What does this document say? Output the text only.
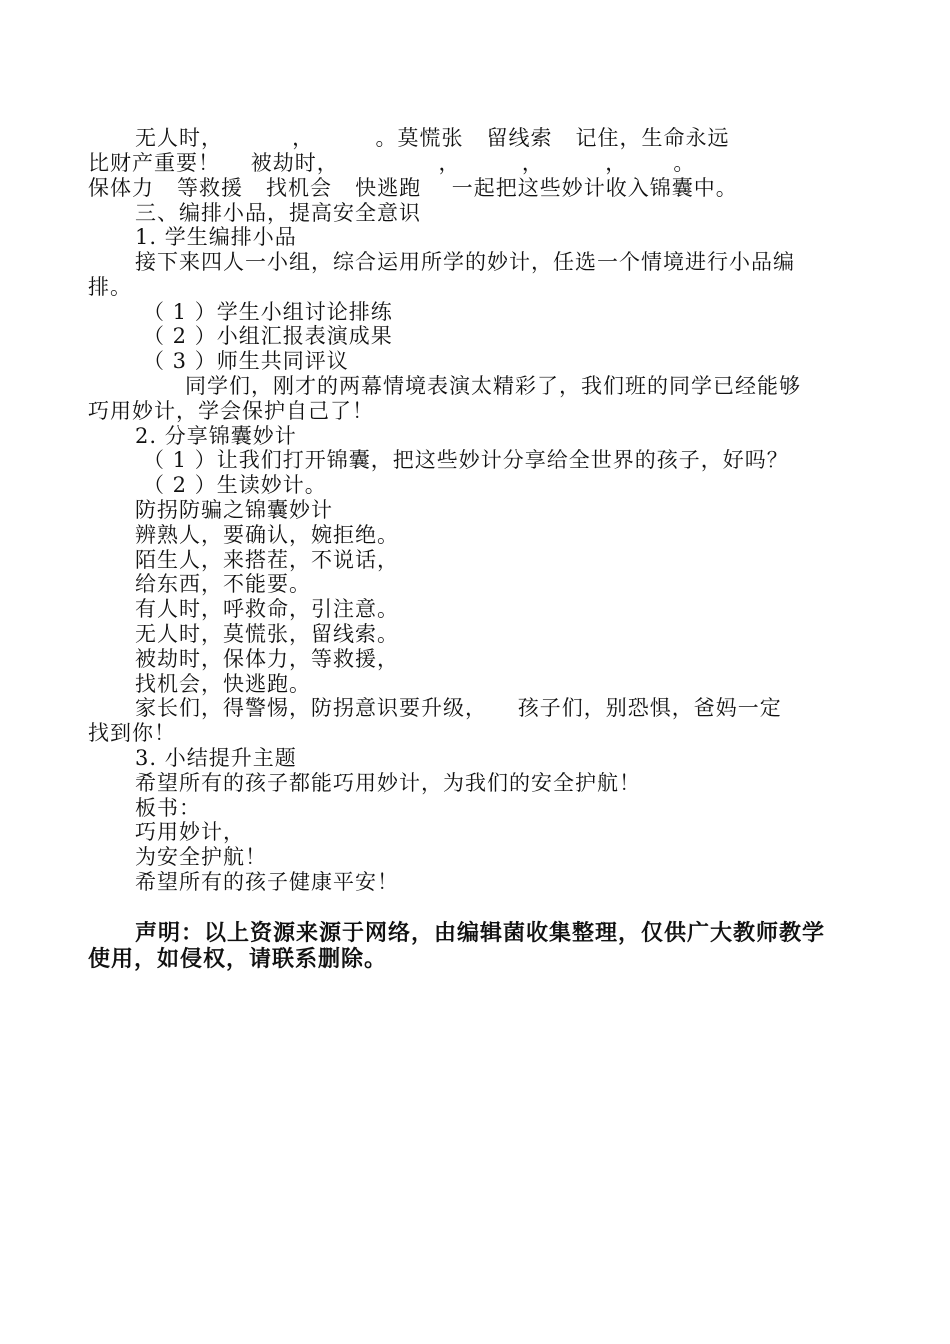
无人时，         ，        。莫慌张   留线索   记住，生命永远
比财产重要！    被劫时，             ，        ，        ，      。
保体力   等救援   找机会   快逃跑    一起把这些妙计收入锦囊中。
三、编排小品，提高安全意识
1. 学生编排小品
接下来四人一小组，综合运用所学的妙计，任选一个情境进行小品编
排。
（ 1 ）学生小组讨论排练
（ 2 ）小组汇报表演成果
（ 3 ）师生共同评议
同学们，刚才的两幕情境表演太精彩了，我们班的同学已经能够
巧用妙计，学会保护自己了！
2. 分享锦囊妙计
（ 1 ）让我们打开锦囊，把这些妙计分享给全世界的孩子，好吗？
（ 2 ）生读妙计。
防拐防骗之锦囊妙计
辨熟人，要确认，婉拒绝。
陌生人，来搭茬，不说话，
给东西，不能要。
有人时，呼救命，引注意。
无人时，莫慌张，留线索。
被劫时，保体力，等救援，
找机会，快逃跑。
家长们，得警惕，防拐意识要升级，    孩子们，别恐惧，爸妈一定
找到你！
3. 小结提升主题
希望所有的孩子都能巧用妙计，为我们的安全护航！
板书：
巧用妙计，
为安全护航！
希望所有的孩子健康平安！
声明：以上资源来源于网络，由编辑菌收集整理，仅供广大教师教学
使用，如侵权，请联系删除。
